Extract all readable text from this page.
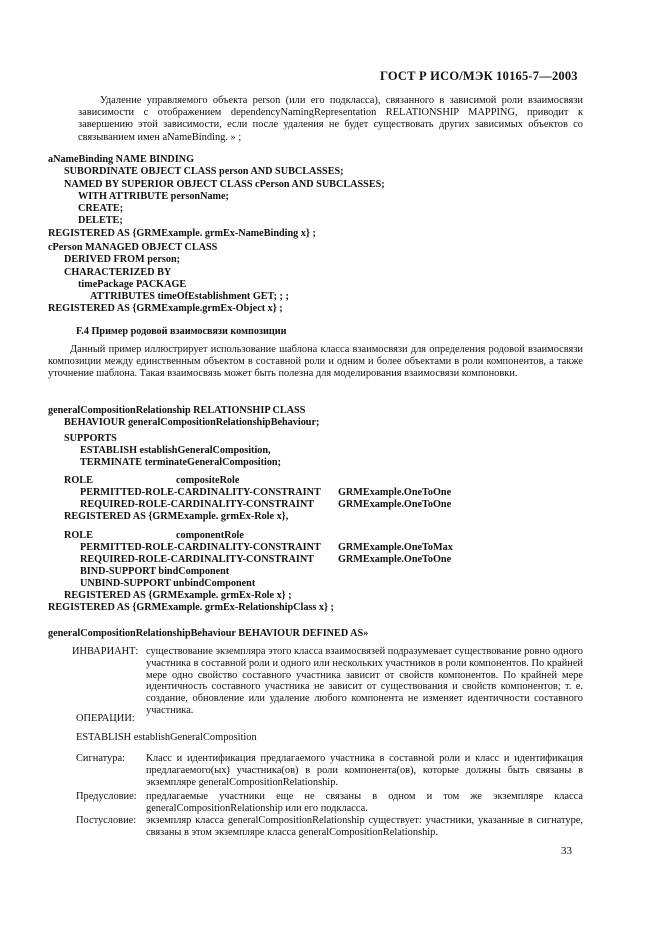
ГОСТ Р ИСО/МЭК 10165-7—2003
Удаление управляемого объекта person (или его подкласса), связанного в зависимой роли взаимосвязи зависимости с отображением dependencyNamingRepresentation RELATIONSHIP MAPPING, приводит к завершению этой зависимости, если после удаления не будет существовать других зависимых объектов со связыванием имен aNameBinding. » ;
aNameBinding NAME BINDING
SUBORDINATE OBJECT CLASS person AND SUBCLASSES;
NAMED BY SUPERIOR OBJECT CLASS cPerson AND SUBCLASSES;
WITH ATTRIBUTE personName;
CREATE;
DELETE;
REGISTERED AS {GRMExample. grmEx-NameBinding x} ;
cPerson MANAGED OBJECT CLASS
DERIVED FROM person;
CHARACTERIZED BY
timePackage PACKAGE
ATTRIBUTES timeOfEstablishment GET; ; ;
REGISTERED AS {GRMExample.grmEx-Object x} ;
F.4 Пример родовой взаимосвязи композиции
Данный пример иллюстрирует использование шаблона класса взаимосвязи для определения родовой взаимосвязи композиции между единственным объектом в составной роли и одним и более объектами в роли компонентов, а также уточнение шаблона. Такая взаимосвязь может быть полезна для моделирования взаимосвязи компоновки.
generalCompositionRelationship RELATIONSHIP CLASS
BEHAVIOUR generalCompositionRelationshipBehaviour;
SUPPORTS
ESTABLISH establishGeneralComposition,
TERMINATE terminateGeneralComposition;
ROLE	compositeRole
PERMITTED-ROLE-CARDINALITY-CONSTRAINT GRMExample.OneToOne
REQUIRED-ROLE-CARDINALITY-CONSTRAINT GRMExample.OneToOne
REGISTERED AS {GRMExample. grmEx-Role x},
ROLE	componentRole
PERMITTED-ROLE-CARDINALITY-CONSTRAINT GRMExample.OneToMax
REQUIRED-ROLE-CARDINALITY-CONSTRAINT GRMExample.OneToOne
BIND-SUPPORT bindComponent
UNBIND-SUPPORT unbindComponent
REGISTERED AS {GRMExample. grmEx-Role x} ;
REGISTERED AS {GRMExample. grmEx-RelationshipClass x} ;
generalCompositionRelationshipBehaviour BEHAVIOUR DEFINED AS»
ИНВАРИАНТ: существование экземпляра этого класса взаимосвязей подразумевает существование ровно одного участника в составной роли и одного или нескольких участников в роли компонентов. По крайней мере одно свойство составного участника зависит от свойств компонентов. По крайней мере идентичность составного участника не зависит от существования и свойств компонентов; т. е. создание, обновление или удаление любого компонента не изменяет идентичности составного участника.
ОПЕРАЦИИ:
ESTABLISH establishGeneralComposition
Сигнатура: Класс и идентификация предлагаемого участника в составной роли и класс и идентификация предлагаемого(ых) участника(ов) в роли компонента(ов), которые должны быть связаны в экземпляре generalCompositionRelationship.
Предусловие: предлагаемые участники еще не связаны в одном и том же экземпляре класса generalCompositionRelationship или его подкласса.
Постусловие: экземпляр класса generalCompositionRelationship существует: участники, указанные в сигнатуре, связаны в этом экземпляре класса generalCompositionRelationship.
33
